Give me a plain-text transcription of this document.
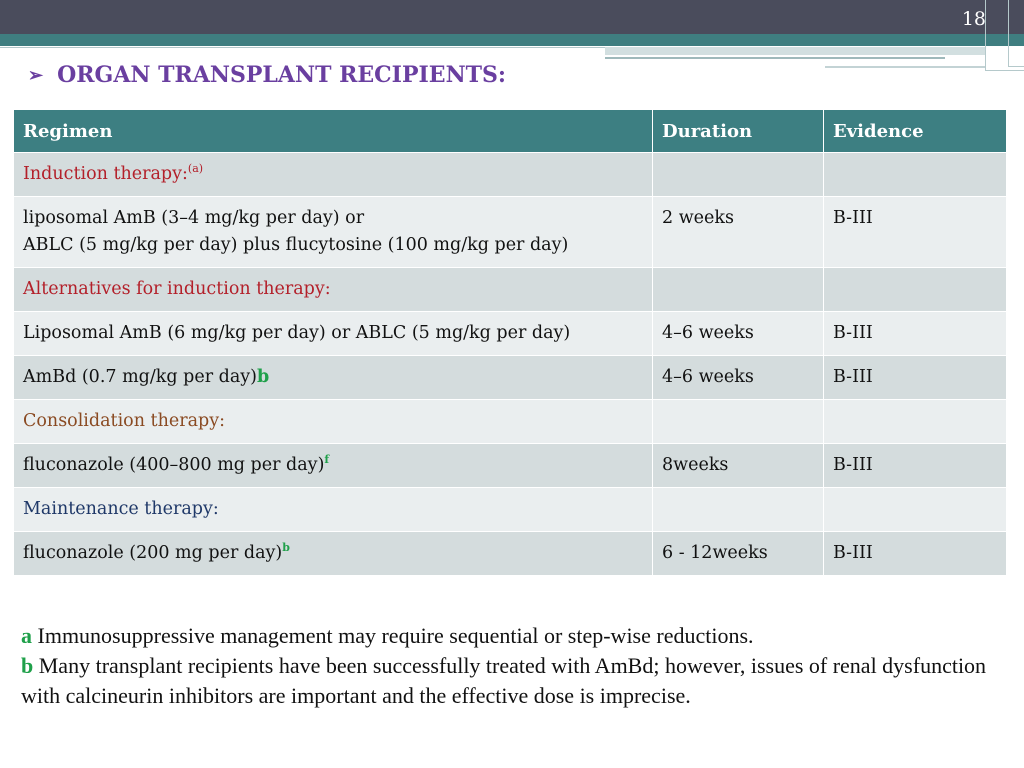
18
➢ ORGAN TRANSPLANT RECIPIENTS:
Regimen	Duration	Evidence
Induction therapy:$^{(a)}$		
liposomal AmB (3–4 mg/kg per day) or
ABLC (5 mg/kg per day) plus flucytosine (100 mg/kg per day)	2 weeks	B-III
Alternatives for induction therapy:		
Liposomal AmB (6 mg/kg per day) or ABLC (5 mg/kg per day)	4–6 weeks	B-III
AmBd (0.7 mg/kg per day)b	4–6 weeks	B-III
Consolidation therapy:		
fluconazole (400–800 mg per day)$^f$	8weeks	B-III
Maintenance therapy:		
fluconazole (200 mg per day)$^b$	6 - 12weeks	B-III
a Immunosuppressive management may require sequential or step-wise reductions.
b Many transplant recipients have been successfully treated with AmBd; however, issues of renal dysfunction with calcineurin inhibitors are important and the effective dose is imprecise.
